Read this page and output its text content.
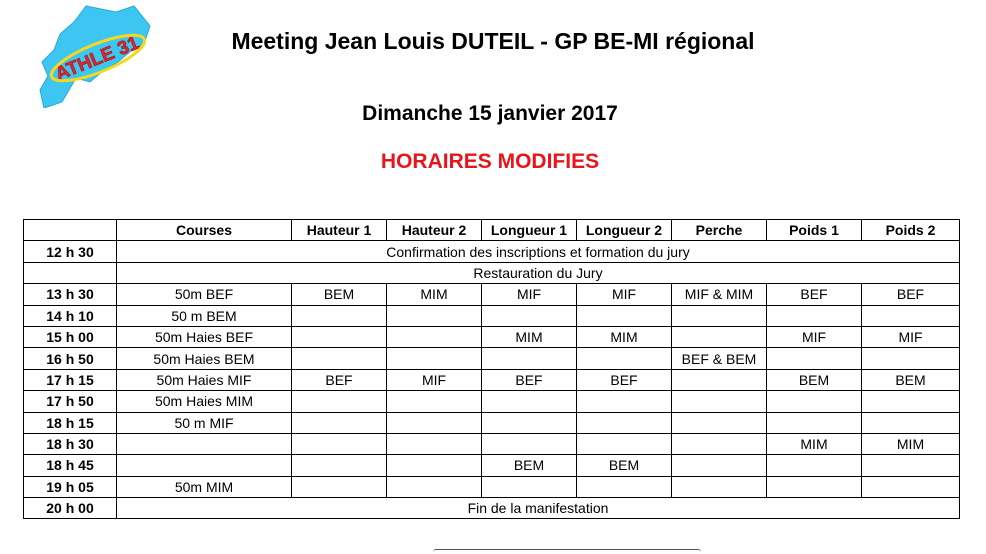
ATHLE 31	Meeting Jean Louis DUTEIL - GP BE-MI régional
Dimanche 15 janvier 2017
HORAIRES MODIFIES
	Courses	Hauteur 1	Hauteur 2	Longueur 1	Longueur 2	Perche	Poids 1	Poids 2
12 h 30	Confirmation des inscriptions et formation du jury							
	Restauration du Jury							
13 h 30	50m BEF	BEM	MIM	MIF	MIF	MIF & MIM	BEF	BEF
14 h 10	50 m BEM							
15 h 00	50m Haies BEF			MIM	MIM		MIF	MIF
16 h 50	50m Haies BEM					BEF & BEM		
17 h 15	50m Haies MIF	BEF	MIF	BEF	BEF		BEM	BEM
17 h 50	50m Haies MIM							
18 h 15	50 m MIF							
18 h 30							MIM	MIM
18 h 45				BEM	BEM			
19 h 05	50m MIM							
20 h 00	Fin de la manifestation							
